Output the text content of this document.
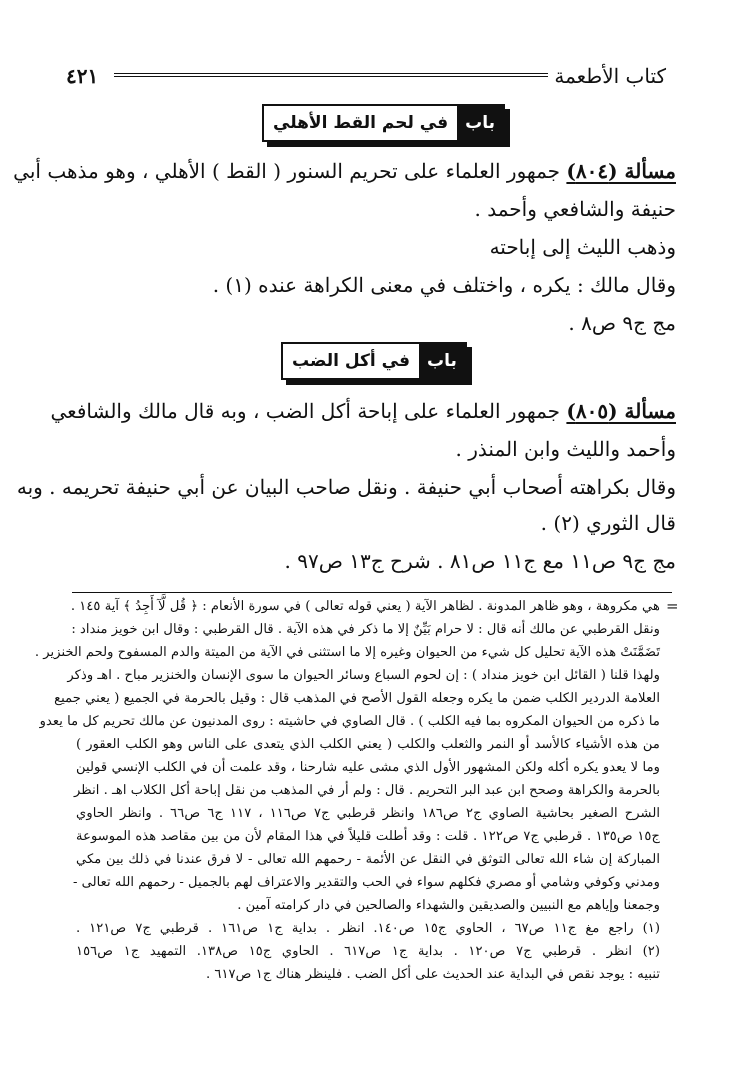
كتاب الأطعمة
٤٢١
باب
في لحم القط الأهلي
مسألة (٨٠٤) جمهور العلماء على تحريم السنور ( القط ) الأهلي ، وهو مذهب أبي
حنيفة والشافعي وأحمد .
وذهب الليث إلى إباحته
وقال مالك : يكره ، واختلف في معنى الكراهة عنده (١) .
مج ج٩ ص٨ .
باب
في أكل الضب
مسألة (٨٠٥) جمهور العلماء على إباحة أكل الضب ، وبه قال مالك والشافعي
وأحمد والليث وابن المنذر .
وقال بكراهته أصحاب أبي حنيفة . ونقل صاحب البيان عن أبي حنيفة تحريمه . وبه
قال الثوري (٢) .
مج ج٩ ص١١ مع ج١١ ص٨١ . شرح ج١٣ ص٩٧ .
=
هي مكروهة ، وهو ظاهر المدونة . لظاهر الآية ( يعني قوله تعالى ) في سورة الأنعام : ﴿ قُل لَّآ أَجِدُ ﴾ آية ١٤٥ .
ونقل القرطبي عن مالك أنه قال : لا حرام بَيِّنٌ إلا ما ذكر في هذه الآية . قال القرطبي : وقال ابن خويز منداد :
تَضَمَّنَتْ هذه الآية تحليل كل شيء من الحيوان وغيره إلا ما استثنى في الآية من الميتة والدم المسفوح ولحم الخنزير .
ولهذا قلنا ( القائل ابن خويز منداد ) : إن لحوم السباع وسائر الحيوان ما سوى الإنسان والخنزير مباح . اهـ وذكر
العلامة الدردير الكلب ضمن ما يكره وجعله القول الأصح في المذهب قال : وقيل بالحرمة في الجميع ( يعني جميع
ما ذكره من الحيوان المكروه بما فيه الكلب ) . قال الصاوي في حاشيته : روى المدنيون عن مالك تحريم كل ما يعدو
من هذه الأشياء كالأسد أو النمر والثعلب والكلب ( يعني الكلب الذي يتعدى على الناس وهو الكلب العقور )
وما لا يعدو يكره أكله ولكن المشهور الأول الذي مشى عليه شارحنا ، وقد علمت أن في الكلب الإنسي قولين
بالحرمة والكراهة وصحح ابن عبد البر التحريم . قال : ولم أر في المذهب من نقل إباحة أكل الكلاب اهـ . انظر
الشرح الصغير بحاشية الصاوي ج٢ ص١٨٦ وانظر قرطبي ج٧ ص١١٦ ، ١١٧ ج٦ ص٦٦ . وانظر الحاوي
ج١٥ ص١٣٥ . قرطبي ج٧ ص١٢٢ . قلت : وقد أطلت قليلاً في هذا المقام لأن من بين مقاصد هذه الموسوعة
المباركة إن شاء الله تعالى التوثق في النقل عن الأئمة - رحمهم الله تعالى - لا فرق عندنا في ذلك بين مكي
ومدني وكوفي وشامي أو مصري فكلهم سواء في الحب والتقدير والاعتراف لهم بالجميل - رحمهم الله تعالى -
وجمعنا وإياهم مع النبيين والصديقين والشهداء والصالحين في دار كرامته آمين .
(١) راجع مغ ج١١ ص٦٧ ، الحاوي ج١٥ ص١٤٠. انظر . بداية ج١ ص١٦١ . قرطبي ج٧ ص١٢١ .
(٢) انظر . قرطبي ج٧ ص١٢٠ . بداية ج١ ص٦١٧ . الحاوي ج١٥ ص١٣٨. التمهيد ج١ ص١٥٦
تنبيه : يوجد نقص في البداية عند الحديث على أكل الضب . فلينظر هناك ج١ ص٦١٧ .
